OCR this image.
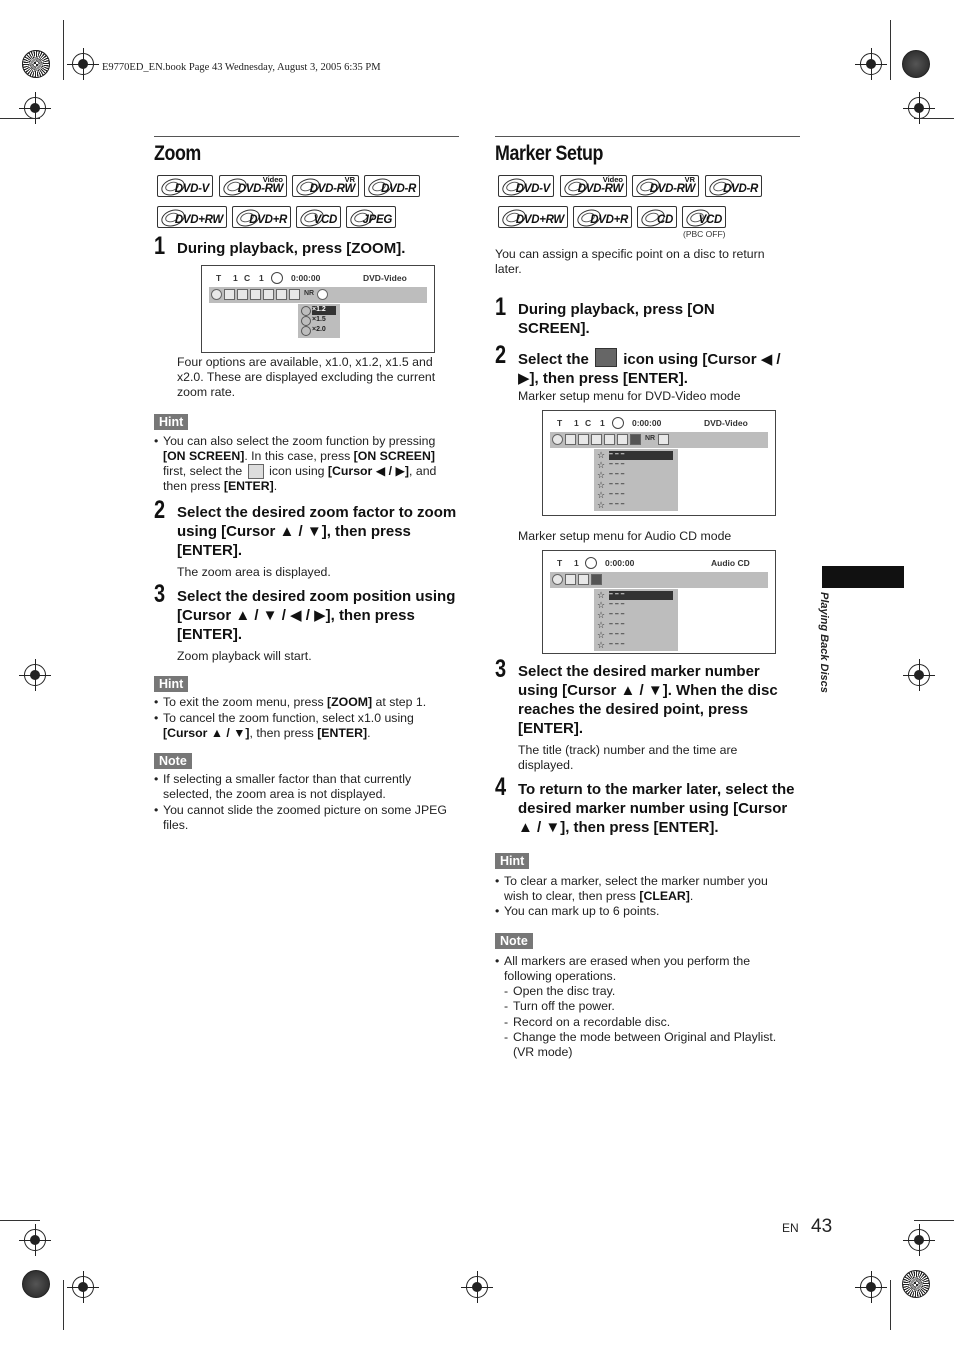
E9770ED_EN.book Page 43 Wednesday, August 3, 2005 6:35 PM
Zoom
DVD-V
Video
DVD-RW
VR
DVD-RW DVD-R
DVD+RW DVD+R VCD JPEG
1 During playback, press [ZOOM].
T 1 C 1	0:00:00	DVD-Video
NR
×1.2
×1.5
×2.0
Four options are available, x1.0, x1.2, x1.5 and x2.0. These are displayed excluding the current zoom rate.
Hint
• You can also select the zoom function by pressing [ON SCREEN]. In this case, press [ON SCREEN] first, select the  icon using [Cursor ◀ / ▶], and then press [ENTER].
2 Select the desired zoom factor to zoom using [Cursor ▲ / ▼], then press [ENTER].
The zoom area is displayed.
3 Select the desired zoom position using [Cursor ▲ / ▼ / ◀ / ▶], then press [ENTER].
Zoom playback will start.
Hint
• To exit the zoom menu, press [ZOOM] at step 1.
• To cancel the zoom function, select x1.0 using [Cursor ▲ / ▼], then press [ENTER].
Note
• If selecting a smaller factor than that currently selected, the zoom area is not displayed.
• You cannot slide the zoomed picture on some JPEG files.
Marker Setup
DVD-V
Video
DVD-RW
VR
DVD-RW DVD-R
DVD+RW DVD+R	CD VCD
(PBC OFF)
You can assign a specific point on a disc to return later.
1 During playback, press [ON SCREEN].
2 Select the  icon using [Cursor ◀ / ▶], then press [ENTER].
Marker setup menu for DVD-Video mode
T 1 C 1	0:00:00	DVD-Video
NR
☆
☆
☆
☆
☆
☆
– – –
– – –
– – –
– – –
– – –
– – –
Marker setup menu for Audio CD mode
T 1	0:00:00	Audio CD
☆
☆
☆
☆
☆
☆
– – –
– – –
– – –
– – –
– – –
– – –
3 Select the desired marker number using [Cursor ▲ / ▼]. When the disc reaches the desired point, press [ENTER].
The title (track) number and the time are displayed.
4 To return to the marker later, select the desired marker number using [Cursor ▲ / ▼], then press [ENTER].
Hint
• To clear a marker, select the marker number you wish to clear, then press [CLEAR].
• You can mark up to 6 points.
Note
• All markers are erased when you perform the following operations.
- Open the disc tray.
- Turn off the power.
- Record on a recordable disc.
- Change the mode between Original and Playlist. (VR mode)
Playing Back Discs
EN 43
